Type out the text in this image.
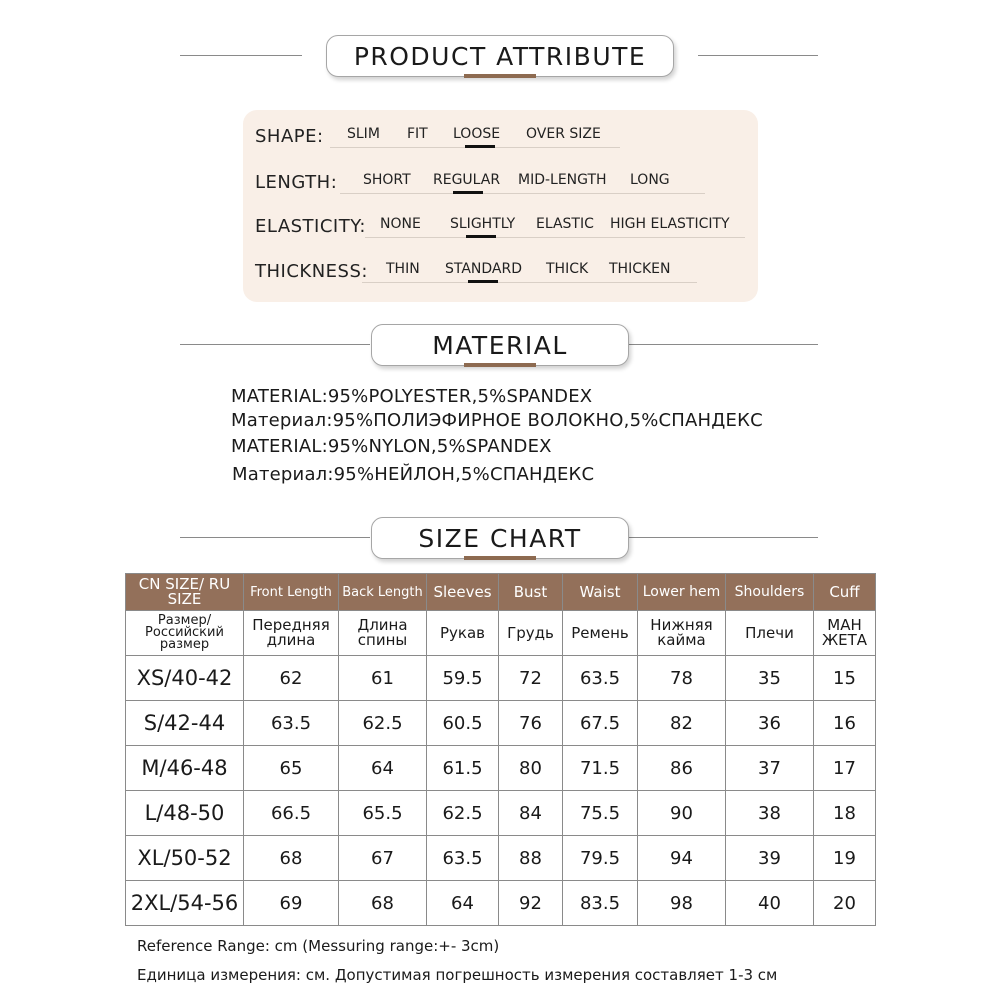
PRODUCT ATTRIBUTE
SHAPE: SLIM FIT LOOSE OVER SIZE
LENGTH: SHORT REGULAR MID-LENGTH LONG
ELASTICITY: NONE SLIGHTLY ELASTIC HIGH ELASTICITY
THICKNESS: THIN STANDARD THICK THICKEN
MATERIAL
MATERIAL:95%POLYESTER,5%SPANDEX
Материал:95%ПОЛИЭФИРНОЕ ВОЛОКНО,5%СПАНДЕКС
MATERIAL:95%NYLON,5%SPANDEX
Материал:95%НЕЙЛОН,5%СПАНДЕКС
SIZE CHART
CN SIZE/ RU SIZE	Front Length	Back Length	Sleeves	Bust	Waist	Lower hem	Shoulders	Cuff
Размер/ Российский размер	Передняя длина	Длина спины	Рукав	Грудь	Ремень	Нижняя кайма	Плечи	МАН ЖЕТА
XS/40-42	62	61	59.5	72	63.5	78	35	15
S/42-44	63.5	62.5	60.5	76	67.5	82	36	16
M/46-48	65	64	61.5	80	71.5	86	37	17
L/48-50	66.5	65.5	62.5	84	75.5	90	38	18
XL/50-52	68	67	63.5	88	79.5	94	39	19
2XL/54-56	69	68	64	92	83.5	98	40	20
Reference Range: cm (Messuring range:+- 3cm)
Единица измерения: см. Допустимая погрешность измерения составляет 1-3 см
